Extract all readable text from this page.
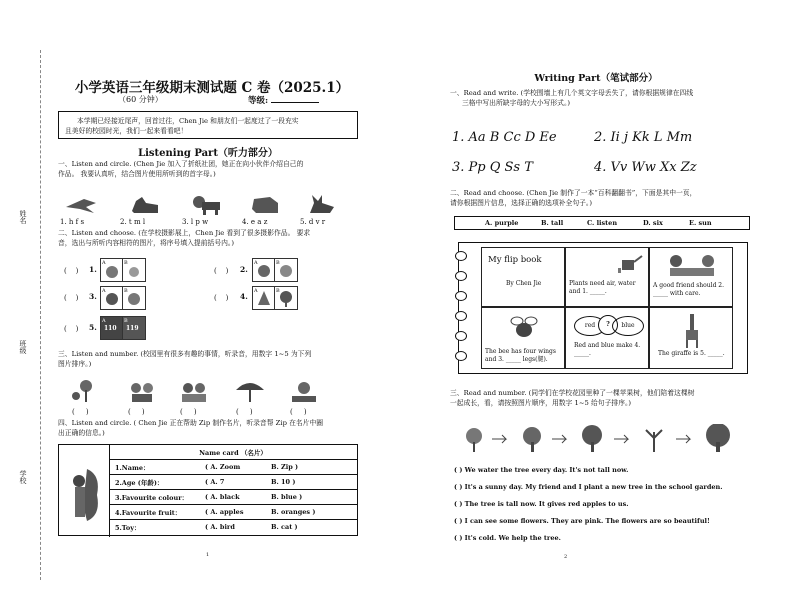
姓名
班级
学校
小学英语三年级期末测试题 C 卷（2025.1）
（60 分钟）	等级:
本学期已经接近尾声，回首过往，Chen Jie 和朋友们一起度过了一段充实
且美好的校园时光，我们一起来看看吧！
Listening Part（听力部分）
一、Listen and circle. (Chen Jie 加入了折纸社团，她正在向小伙伴介绍自己的
作品。 我要认真听，结合图片使用所听到的首字母。)
1. h f s	2. t m l	3. l p w	4. e a z	5. d v r
二、Listen and choose. (在学校摄影展上，Chen Jie 看到了很多摄影作品。 要求
音，选出与所听内容相符的图片，将序号填入提前括号内。)
(    ) 1.
A	B
(    ) 2.
A	B
(    ) 3.
A	B
(    ) 4.
A	B
(    ) 5.
A
110
B
119
三、Listen and number. (校园里有很多有趣的事情，听录音，用数字 1~5 为下列
图片排序。)
(     )	(     )	(     )	(     )	(     )
四、Listen and circle. ( Chen Jie 正在帮助 Zip 制作名片，听录音帮 Zip 在名片中圈
出正确的信息。)
Name card （名片）
1.Name：	( A. Zoom	B. Zip )
2.Age (年龄)：	( A. 7	B. 10 )
3.Favourite colour：	( A. black	B. blue )
4.Favourite fruit：	( A. apples	B. oranges )
5.Toy：	( A. bird	B. cat )
1
Writing Part（笔试部分）
一、Read and write. (学校围墙上有几个英文字母丢失了，请你根据规律在四线
三格中写出所缺字母的大小写形式。)
1. Aa B Cc D Ee	2. Ii j Kk L Mm
3. Pp Q Ss T	4. Vv Ww Xx Zz
二、Read and choose. (Chen Jie 制作了一本“百科翻翻书”，下面是其中一页，
请你根据图片信息，选择正确的选项补全句子。)
A. purple	B. tall	C. listen	D. six	E. sun
My flip book
By Chen Jie	Plants need air, water and 1. _____.
A good friend should 2. _____ with care.
The bee has four wings and 3. _____ legs(腿).
red	?	blue
Red and blue make 4. _____.	The giraffe is 5. _____.
三、Read and number. (同学们在学校花园里种了一棵苹果树，他们陪着这棵树
一起成长，看，请按照图片顺序，用数字 1~5 给句子排序。)
( ) We water the tree every day. It's not tall now.
( ) It's a sunny day. My friend and I plant a new tree in the school garden.
( ) The tree is tall now. It gives red apples to us.
( ) I can see some flowers. They are pink. The flowers are so beautiful!
( ) It's cold. We help the tree.
2
